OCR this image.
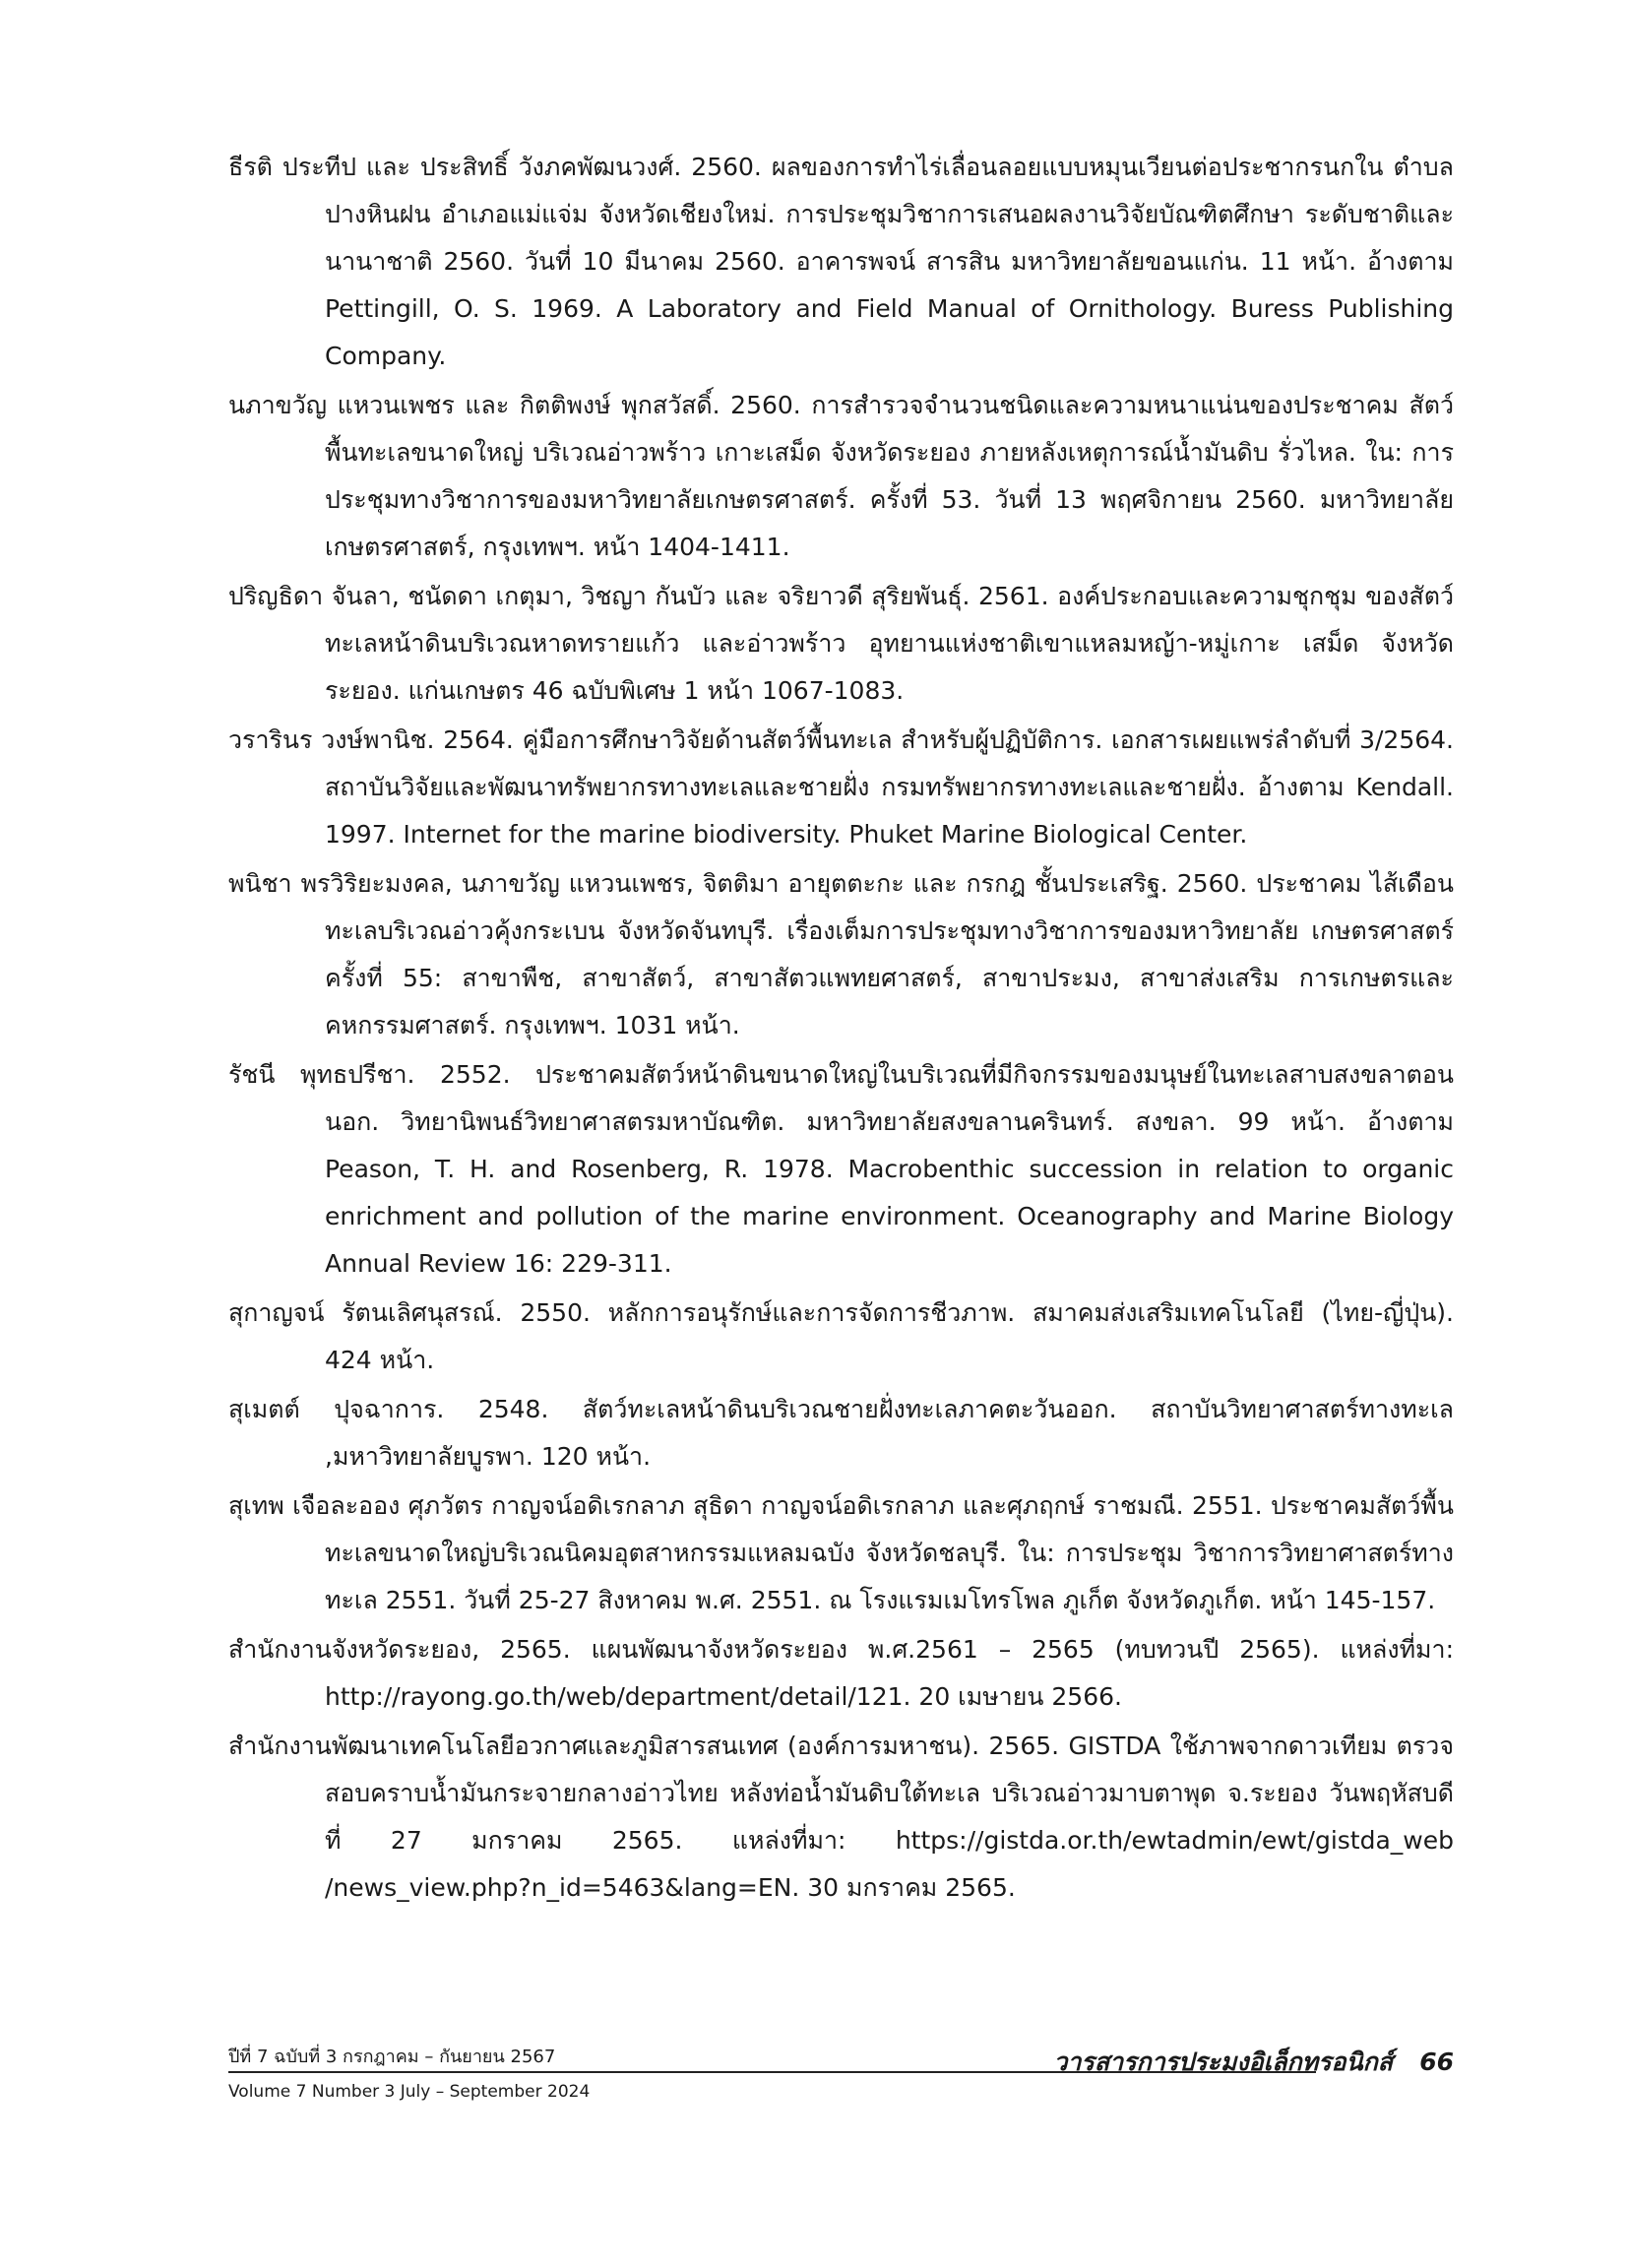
ธีรติ ประทีป และ ประสิทธิ์ วังภคพัฒนวงศ์. 2560. ผลของการทำไร่เลื่อนลอยแบบหมุนเวียนต่อประชากรนกใน ตำบลปางหินฝน อำเภอแม่แจ่ม จังหวัดเชียงใหม่. การประชุมวิชาการเสนอผลงานวิจัยบัณฑิตศึกษา ระดับชาติและนานาชาติ 2560. วันที่ 10 มีนาคม 2560. อาคารพจน์ สารสิน มหาวิทยาลัยขอนแก่น. 11 หน้า. อ้างตาม Pettingill, O. S. 1969. A Laboratory and Field Manual of Ornithology. Buress Publishing Company.

นภาขวัญ แหวนเพชร และ กิตติพงษ์ พุกสวัสดิ์. 2560. การสำรวจจำนวนชนิดและความหนาแน่นของประชาคม สัตว์พื้นทะเลขนาดใหญ่ บริเวณอ่าวพร้าว เกาะเสม็ด จังหวัดระยอง ภายหลังเหตุการณ์น้ำมันดิบ รั่วไหล. ใน: การประชุมทางวิชาการของมหาวิทยาลัยเกษตรศาสตร์. ครั้งที่ 53. วันที่ 13 พฤศจิกายน 2560. มหาวิทยาลัยเกษตรศาสตร์, กรุงเทพฯ. หน้า 1404-1411.

ปริญธิดา จันลา, ชนัดดา เกตุมา, วิชญา กันบัว และ จริยาวดี สุริยพันธุ์. 2561. องค์ประกอบและความชุกชุม ของสัตว์ทะเลหน้าดินบริเวณหาดทรายแก้ว และอ่าวพร้าว อุทยานแห่งชาติเขาแหลมหญ้า-หมู่เกาะ เสม็ด จังหวัดระยอง. แก่นเกษตร 46 ฉบับพิเศษ 1 หน้า 1067-1083.

วรารินร วงษ์พานิช. 2564. คู่มือการศึกษาวิจัยด้านสัตว์พื้นทะเล สำหรับผู้ปฏิบัติการ. เอกสารเผยแพร่ลำดับที่ 3/2564. สถาบันวิจัยและพัฒนาทรัพยากรทางทะเลและชายฝั่ง กรมทรัพยากรทางทะเลและชายฝั่ง. อ้างตาม Kendall. 1997. Internet for the marine biodiversity. Phuket Marine Biological Center.

พนิชา พรวิริยะมงคล, นภาขวัญ แหวนเพชร, จิตติมา อายุตตะกะ และ กรกฎ ชั้นประเสริฐ. 2560. ประชาคม ไส้เดือนทะเลบริเวณอ่าวคุ้งกระเบน จังหวัดจันทบุรี. เรื่องเต็มการประชุมทางวิชาการของมหาวิทยาลัย เกษตรศาสตร์ ครั้งที่ 55: สาขาพืช, สาขาสัตว์, สาขาสัตวแพทยศาสตร์, สาขาประมง, สาขาส่งเสริม การเกษตรและคหกรรมศาสตร์. กรุงเทพฯ. 1031 หน้า.

รัชนี พุทธปรีชา. 2552. ประชาคมสัตว์หน้าดินขนาดใหญ่ในบริเวณที่มีกิจกรรมของมนุษย์ในทะเลสาบสงขลาตอน นอก. วิทยานิพนธ์วิทยาศาสตรมหาบัณฑิต. มหาวิทยาลัยสงขลานครินทร์. สงขลา. 99 หน้า. อ้างตาม Peason, T. H. and Rosenberg, R. 1978. Macrobenthic succession in relation to organic enrichment and pollution of the marine environment. Oceanography and Marine Biology Annual Review 16: 229-311.

สุกาญจน์ รัตนเลิศนุสรณ์. 2550. หลักการอนุรักษ์และการจัดการชีวภาพ. สมาคมส่งเสริมเทคโนโลยี (ไทย-ญี่ปุ่น). 424 หน้า.

สุเมตต์ ปุจฉาการ. 2548. สัตว์ทะเลหน้าดินบริเวณชายฝั่งทะเลภาคตะวันออก. สถาบันวิทยาศาสตร์ทางทะเล ,มหาวิทยาลัยบูรพา. 120 หน้า.

สุเทพ เจือละออง ศุภวัตร กาญจน์อดิเรกลาภ สุธิดา กาญจน์อดิเรกลาภ และศุภฤกษ์ ราชมณี. 2551. ประชาคมสัตว์พื้นทะเลขนาดใหญ่บริเวณนิคมอุตสาหกรรมแหลมฉบัง จังหวัดชลบุรี. ใน: การประชุม วิชาการวิทยาศาสตร์ทางทะเล 2551. วันที่ 25-27 สิงหาคม พ.ศ. 2551. ณ โรงแรมเมโทรโพล ภูเก็ต จังหวัดภูเก็ต. หน้า 145-157.

สำนักงานจังหวัดระยอง, 2565. แผนพัฒนาจังหวัดระยอง พ.ศ.2561 – 2565 (ทบทวนปี 2565). แหล่งที่มา: http://rayong.go.th/web/department/detail/121. 20 เมษายน 2566.

สำนักงานพัฒนาเทคโนโลยีอวกาศและภูมิสารสนเทศ (องค์การมหาชน). 2565. GISTDA ใช้ภาพจากดาวเทียม ตรวจสอบคราบน้ำมันกระจายกลางอ่าวไทย หลังท่อน้ำมันดิบใต้ทะเล บริเวณอ่าวมาบตาพุด จ.ระยอง วันพฤหัสบดีที่ 27 มกราคม 2565. แหล่งที่มา: https://gistda.or.th/ewtadmin/ewt/gistda_web /news_view.php?n_id=5463&lang=EN. 30 มกราคม 2565.

ปีที่ 7 ฉบับที่ 3 กรกฎาคม – กันยายน 2567
Volume 7 Number 3 July – September 2024
วารสารการประมงอิเล็กทรอนิกส์ 66
